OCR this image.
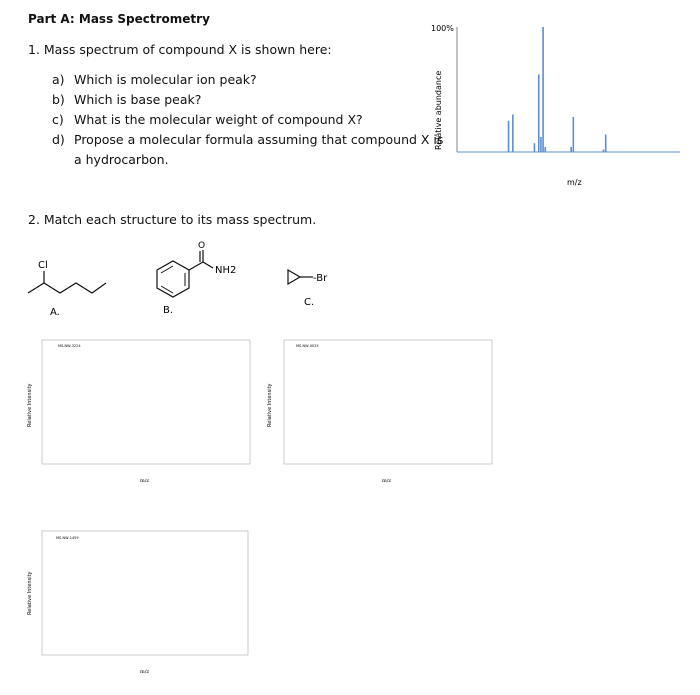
Part A: Mass Spectrometry
1. Mass spectrum of compound X is shown here:
a) Which is molecular ion peak?
b) Which is base peak?
c) What is the molecular weight of compound X?
d) Propose a molecular formula assuming that compound X is
a hydrocarbon.
100%
Relative abundance
m/z
2. Match each structure to its mass spectrum.
Cl
A.
O
NH2
B.
-Br
C.
MS-NW-3224
Relative Intensity
m/z
MS-NW-0025
Relative Intensity
m/z
MS-NW-1459
Relative Intensity
m/z
